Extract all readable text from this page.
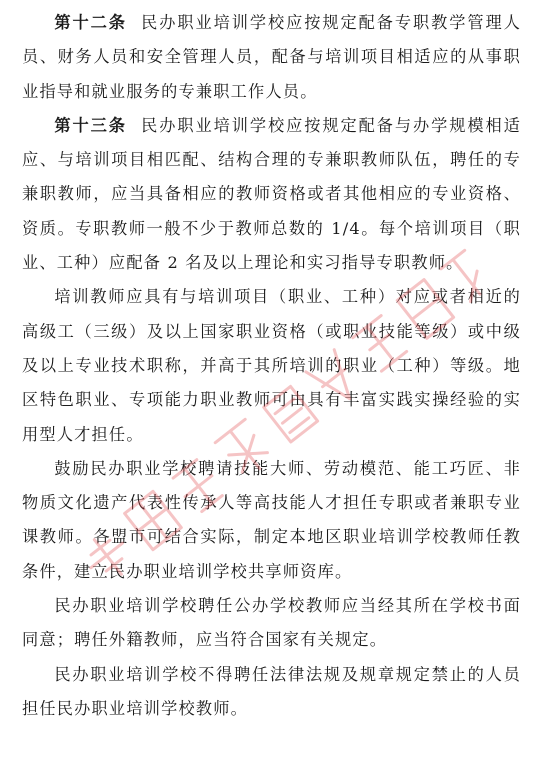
第十二条 民办职业培训学校应按规定配备专职教学管理人员、财务人员和安全管理人员，配备与培训项目相适应的从事职业指导和就业服务的专兼职工作人员。

第十三条 民办职业培训学校应按规定配备与办学规模相适应、与培训项目相匹配、结构合理的专兼职教师队伍，聘任的专兼职教师，应当具备相应的教师资格或者其他相应的专业资格、资质。专职教师一般不少于教师总数的 1/4。每个培训项目（职业、工种）应配备 2 名及以上理论和实习指导专职教师。

培训教师应具有与培训项目（职业、工种）对应或者相近的高级工（三级）及以上国家职业资格（或职业技能等级）或中级及以上专业技术职称，并高于其所培训的职业（工种）等级。地区特色职业、专项能力职业教师可由具有丰富实践实操经验的实用型人才担任。

鼓励民办职业学校聘请技能大师、劳动模范、能工巧匠、非物质文化遗产代表性传承人等高技能人才担任专职或者兼职专业课教师。各盟市可结合实际，制定本地区职业培训学校教师任教条件，建立民办职业培训学校共享师资库。

民办职业培训学校聘任公办学校教师应当经其所在学校书面同意；聘任外籍教师，应当符合国家有关规定。

民办职业培训学校不得聘任法律法规及规章规定禁止的人员担任民办职业培训学校教师。
